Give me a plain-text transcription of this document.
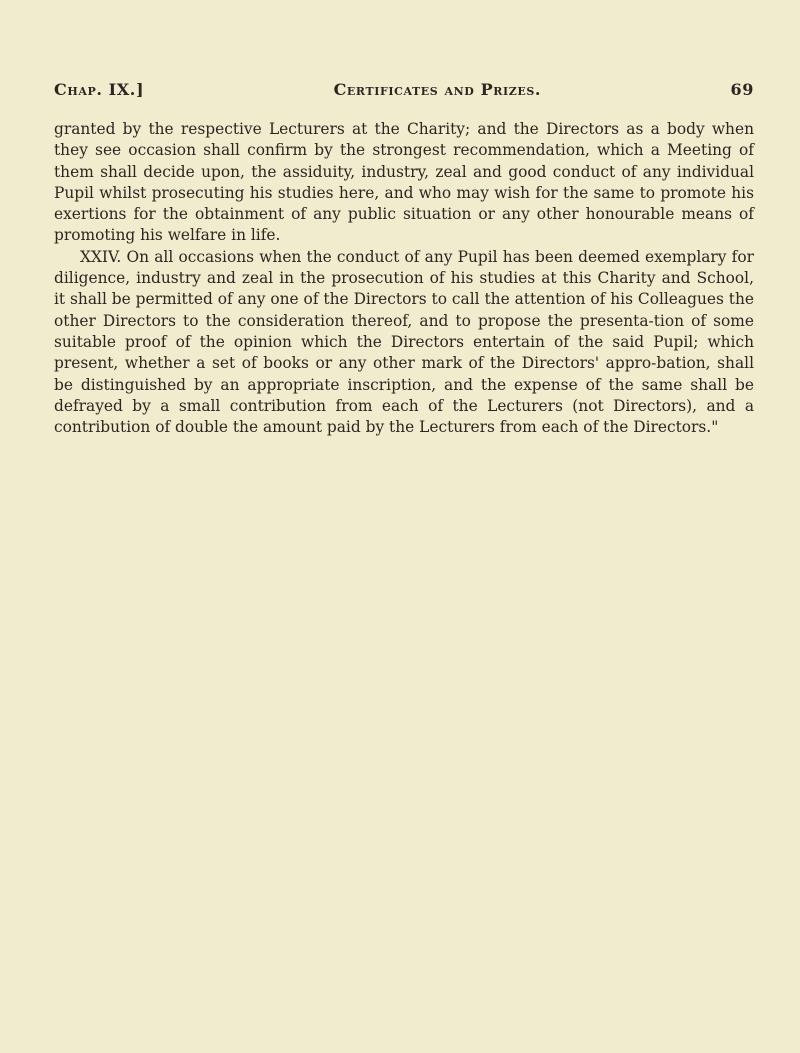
Chap. IX.]	Certificates and Prizes.	69

granted by the respective Lecturers at the Charity; and the Directors as a body when they see occasion shall confirm by the strongest recommendation, which a Meeting of them shall decide upon, the assiduity, industry, zeal and good conduct of any individual Pupil whilst prosecuting his studies here, and who may wish for the same to promote his exertions for the obtainment of any public situation or any other honourable means of promoting his welfare in life.

XXIV. On all occasions when the conduct of any Pupil has been deemed exemplary for diligence, industry and zeal in the prosecution of his studies at this Charity and School, it shall be permitted of any one of the Directors to call the attention of his Colleagues the other Directors to the consideration thereof, and to propose the presenta-tion of some suitable proof of the opinion which the Directors entertain of the said Pupil; which present, whether a set of books or any other mark of the Directors' appro-bation, shall be distinguished by an appropriate inscription, and the expense of the same shall be defrayed by a small contribution from each of the Lecturers (not Directors), and a contribution of double the amount paid by the Lecturers from each of the Directors."
